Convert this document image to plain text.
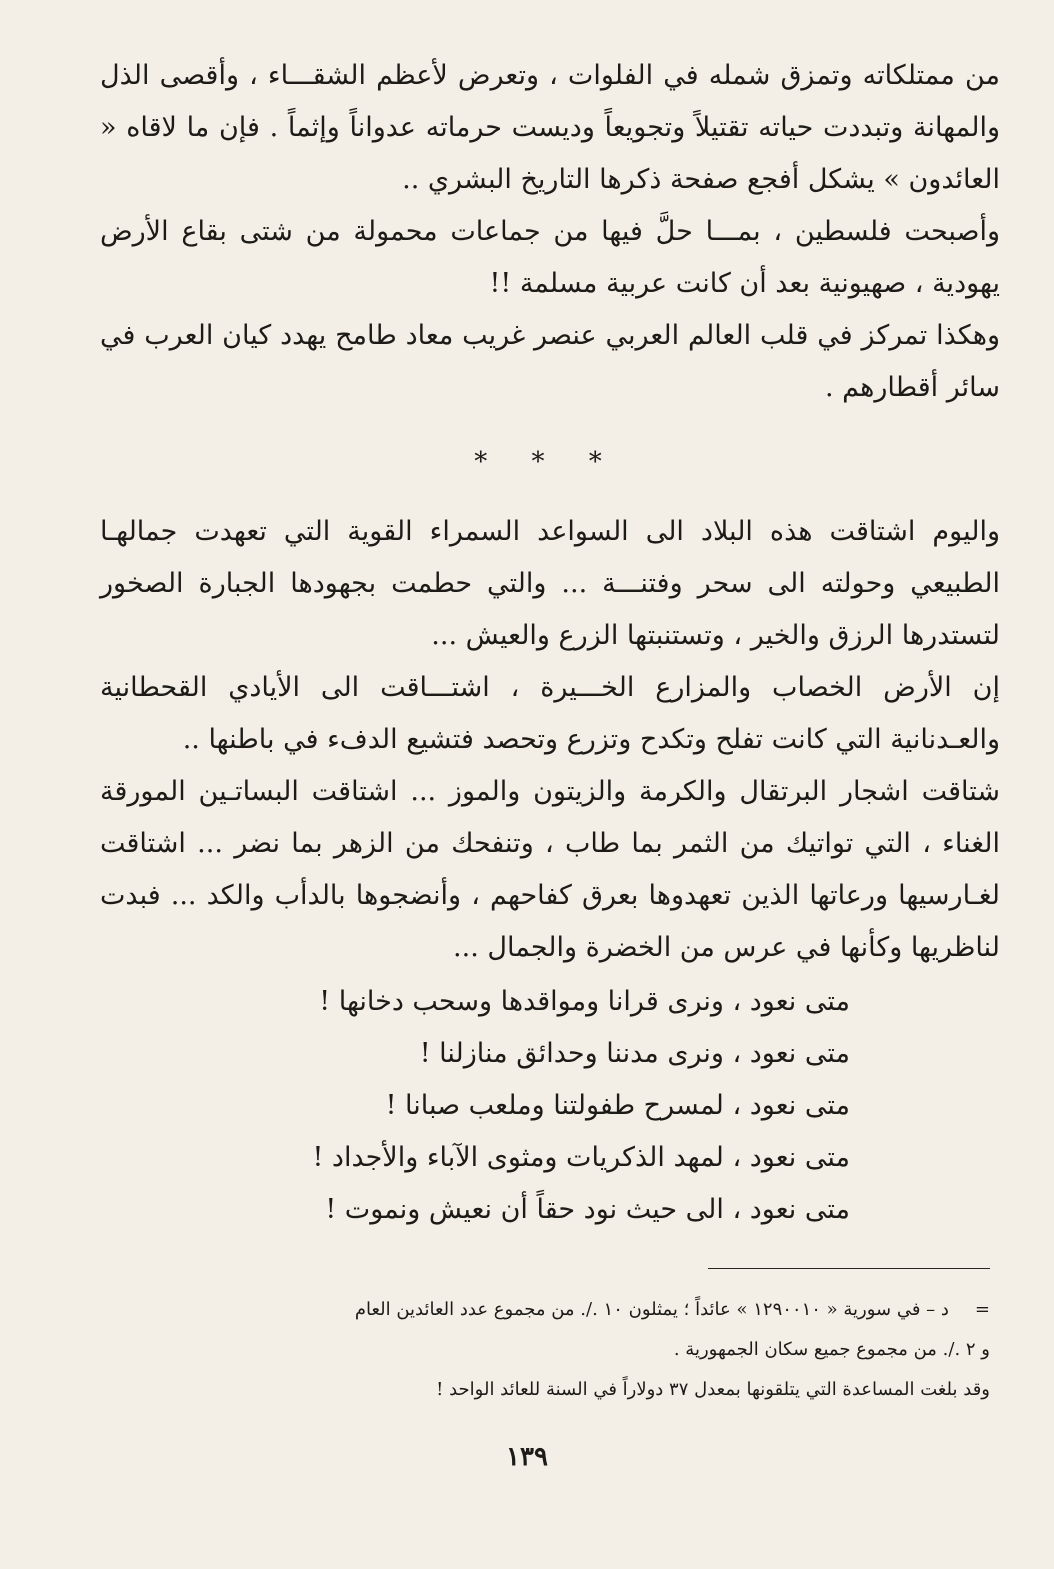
من ممتلكاته وتمزق شمله في الفلوات ، وتعرض لأعظم الشقـــاء ، وأقصى الذل والمهانة وتبددت حياته تقتيلاً وتجويعاً وديست حرماته عدواناً وإثماً . فإن ما لاقاه « العائدون » يشكل أفجع صفحة ذكرها التاريخ البشري ..

وأصبحت فلسطين ، بمـــا حلَّ فيها من جماعات محمولة من شتى بقاع الأرض يهودية ، صهيونية بعد أن كانت عربية مسلمة !!

وهكذا تمركز في قلب العالم العربي عنصر غريب معاد طامح يهدد كيان العرب في سائر أقطارهم .

* * *

واليوم اشتاقت هذه البلاد الى السواعد السمراء القوية التي تعهدت جمالهـا الطبيعي وحولته الى سحر وفتنـــة ... والتي حطمت بجهودها الجبارة الصخور لتستدرها الرزق والخير ، وتستنبتها الزرع والعيش ...

إن الأرض الخصاب والمزارع الخـــيرة ، اشتـــاقت الى الأيادي القحطانية والعـدنانية التي كانت تفلح وتكدح وتزرع وتحصد فتشيع الدفء في باطنها ..

شتاقت اشجار البرتقال والكرمة والزيتون والموز ... اشتاقت البساتـين المورقة الغناء ، التي تواتيك من الثمر بما طاب ، وتنفحك من الزهر بما نضر ... اشتاقت لغـارسيها ورعاتها الذين تعهدوها بعرق كفاحهم ، وأنضجوها بالدأب والكد ... فبدت لناظريها وكأنها في عرس من الخضرة والجمال ...

متى نعود ، ونرى قرانا ومواقدها وسحب دخانها !

متى نعود ، ونرى مدننا وحدائق منازلنا !

متى نعود ، لمسرح طفولتنا وملعب صبانا !

متى نعود ، لمهد الذكريات ومثوى الآباء والأجداد !

متى نعود ، الى حيث نود حقاً أن نعيش ونموت !

=د – في سورية « ١٢٩٠٠١٠ » عائداً ؛ يمثلون ١٠ ./. من مجموع عدد العائدين العام

و ٢ ./. من مجموع جميع سكان الجمهورية .

وقد بلغت المساعدة التي يتلقونها بمعدل ٣٧ دولاراً في السنة للعائد الواحد !

١٣٩
